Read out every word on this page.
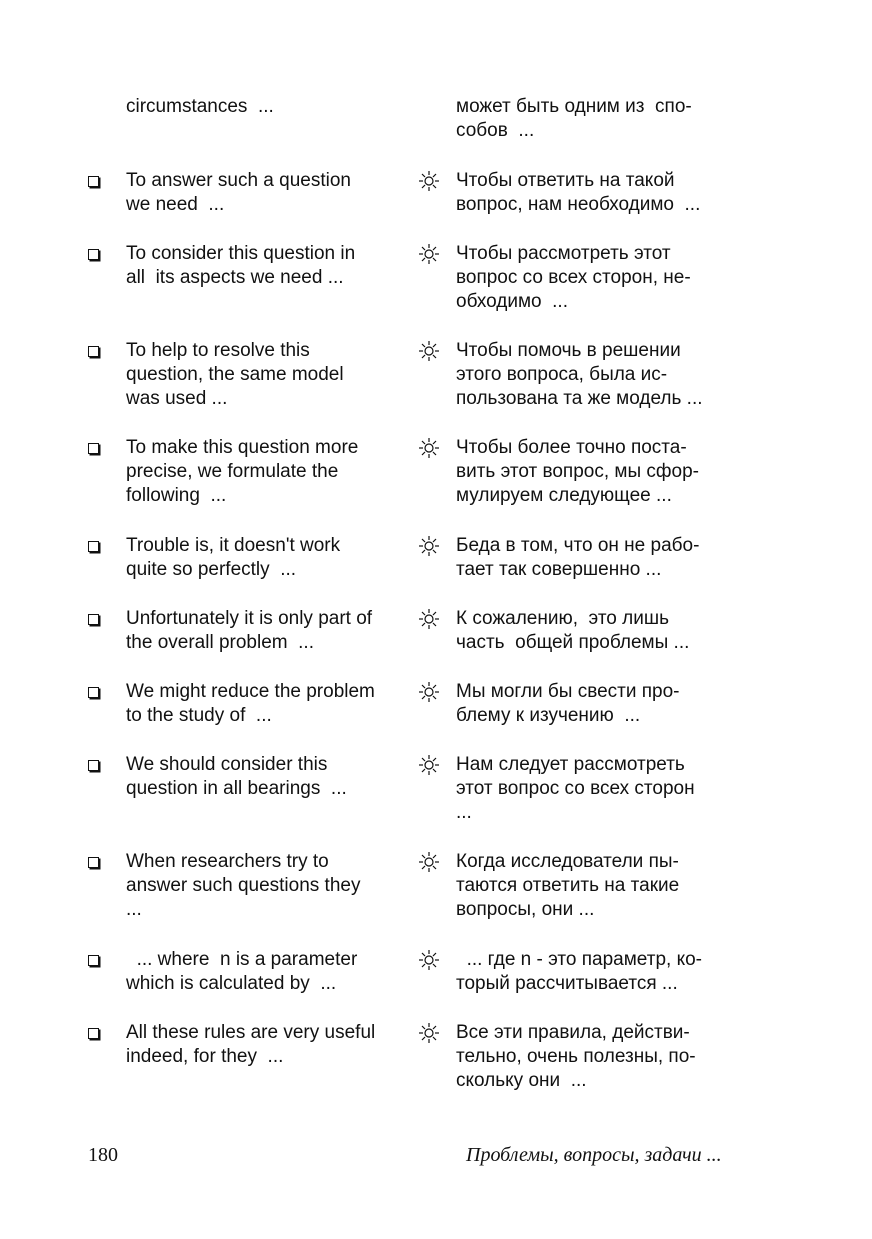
circumstances  ...	может быть одним из  спо-
собов  ...
To answer such a question
we need  ...
Чтобы ответить на такой
вопрос, нам необходимо  ...
To consider this question in
all  its aspects we need ...
Чтобы рассмотреть этот
вопрос со всех сторон, не-
обходимо  ...
To help to resolve this
question, the same model
was used ...
Чтобы помочь в решении
этого вопроса, была ис-
пользована та же модель ...
To make this question more
precise, we formulate the
following  ...
Чтобы более точно поста-
вить этот вопрос, мы сфор-
мулируем следующее ...
Trouble is, it doesn't work
quite so perfectly  ...
Беда в том, что он не рабо-
тает так совершенно ...
Unfortunately it is only part of
the overall problem  ...
К сожалению,  это лишь
часть  общей проблемы ...
We might reduce the problem
to the study of  ...
Мы могли бы свести про-
блему к изучению  ...
We should consider this
question in all bearings  ...
Нам следует рассмотреть
этот вопрос со всех сторон
...
When researchers try to
answer such questions they
...
Когда исследователи пы-
таются ответить на такие
вопросы, они ...
... where  n is a parameter
which is calculated by  ...
... где n - это параметр, ко-
торый рассчитывается ...
All these rules are very useful
indeed, for they  ...
Все эти правила, действи-
тельно, очень полезны, по-
скольку они  ...
180	Проблемы, вопросы, задачи ...
